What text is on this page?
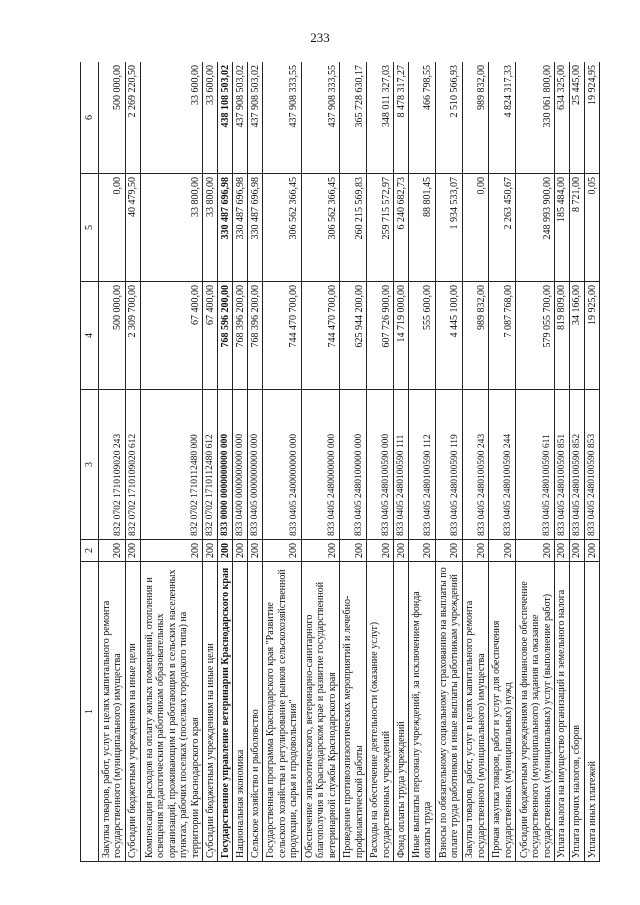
233
1	2	3	4	5	6
Закупка товаров, работ, услуг в целях капитального ремонта государственного (муниципального) имущества	200	832 0702 1710109020 243	500 000,00	0,00	500 000,00
Субсидии бюджетным учреждениям на иные цели	200	832 0702 1710109020 612	2 309 700,00	40 479,50	2 269 220,50
Компенсация расходов на оплату жилых помещений, отопления и освещения педагогическим работникам образовательных организаций, проживающим и работающим в сельских населенных пунктах, рабочих поселках (поселках городского типа) на территории Краснодарского края	200	832 0702 1710112480 000	67 400,00	33 800,00	33 600,00
Субсидии бюджетным учреждениям на иные цели	200	832 0702 1710112480 612	67 400,00	33 800,00	33 600,00
Государственное управление ветеринарии Краснодарского края	200	833 0000 0000000000 000	768 596 200,00	330 487 696,98	438 108 503,02
Национальная экономика	200	833 0400 0000000000 000	768 396 200,00	330 487 696,98	437 908 503,02
Сельское хозяйство и рыболовство	200	833 0405 0000000000 000	768 396 200,00	330 487 696,98	437 908 503,02
Государственная программа Краснодарского края "Развитие сельского хозяйства и регулирование рынков сельскохозяйственной продукции, сырья и продовольствия"	200	833 0405 2400000000 000	744 470 700,00	306 562 366,45	437 908 333,55
Обеспечение эпизоотического, ветеринарно-санитарного благополучия в Краснодарском крае и развитие государственной ветеринарной службы Краснодарского края	200	833 0405 2480000000 000	744 470 700,00	306 562 366,45	437 908 333,55
Проведение противоэпизоотических мероприятий и лечебно-профилактической работы	200	833 0405 2480100000 000	625 944 200,00	260 215 569,83	365 728 630,17
Расходы на обеспечение деятельности (оказание услуг) государственных учреждений	200	833 0405 2480100590 000	607 726 900,00	259 715 572,97	348 011 327,03
Фонд оплаты труда учреждений	200	833 0405 2480100590 111	14 719 000,00	6 240 682,73	8 478 317,27
Иные выплаты персоналу учреждений, за исключением фонда оплаты труда	200	833 0405 2480100590 112	555 600,00	88 801,45	466 798,55
Взносы по обязательному социальному страхованию на выплаты по оплате труда работников и иные выплаты работникам учреждений	200	833 0405 2480100590 119	4 445 100,00	1 934 533,07	2 510 566,93
Закупка товаров, работ, услуг в целях капитального ремонта государственного (муниципального) имущества	200	833 0405 2480100590 243	989 832,00	0,00	989 832,00
Прочая закупка товаров, работ и услуг для обеспечения государственных (муниципальных) нужд	200	833 0405 2480100590 244	7 087 768,00	2 263 450,67	4 824 317,33
Субсидии бюджетным учреждениям на финансовое обеспечение государственного (муниципального) задания на оказание государственных (муниципальных) услуг (выполнение работ)	200	833 0405 2480100590 611	579 055 700,00	248 993 900,00	330 061 800,00
Уплата налога на имущество организаций и земельного налога	200	833 0405 2480100590 851	819 809,00	185 484,00	634 325,00
Уплата прочих налогов, сборов	200	833 0405 2480100590 852	34 166,00	8 721,00	25 445,00
Уплата иных платежей	200	833 0405 2480100590 853	19 925,00	0,05	19 924,95
